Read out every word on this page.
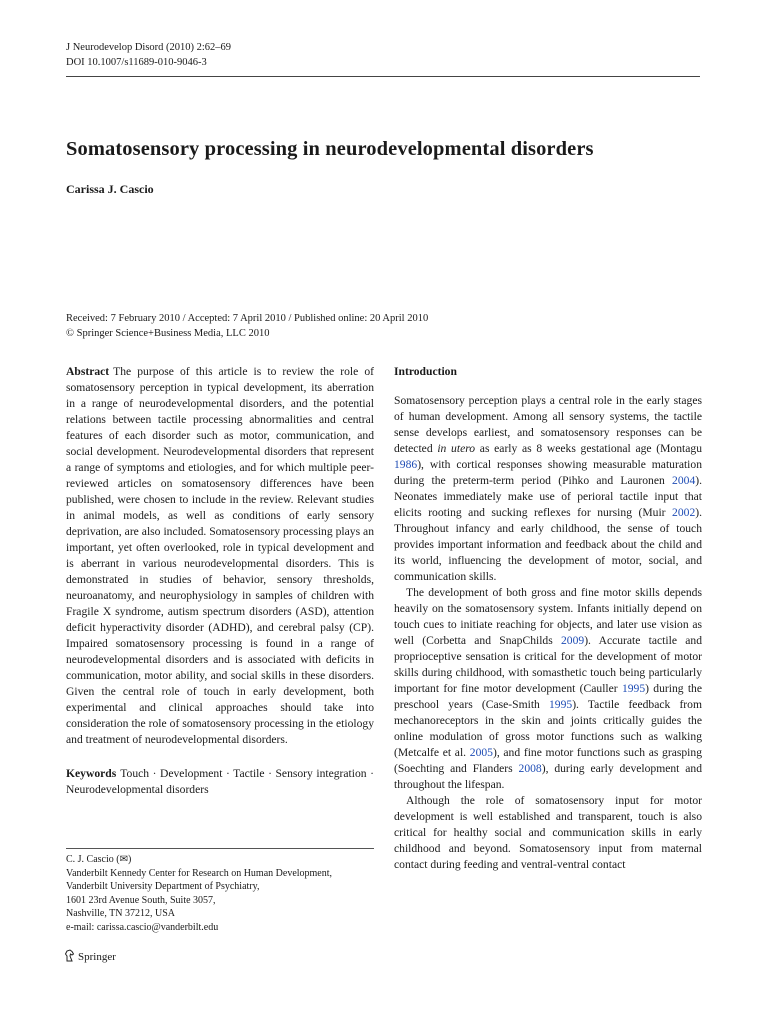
J Neurodevelop Disord (2010) 2:62–69
DOI 10.1007/s11689-010-9046-3
Somatosensory processing in neurodevelopmental disorders
Carissa J. Cascio
Received: 7 February 2010 / Accepted: 7 April 2010 / Published online: 20 April 2010
© Springer Science+Business Media, LLC 2010

Abstract The purpose of this article is to review the role of somatosensory perception in typical development, its aberration in a range of neurodevelopmental disorders, and the potential relations between tactile processing abnormalities and central features of each disorder such as motor, communication, and social development. Neurodevelopmental disorders that represent a range of symptoms and etiologies, and for which multiple peer-reviewed articles on somatosensory differences have been published, were chosen to include in the review. Relevant studies in animal models, as well as conditions of early sensory deprivation, are also included. Somatosensory processing plays an important, yet often overlooked, role in typical development and is aberrant in various neurodevelopmental disorders. This is demonstrated in studies of behavior, sensory thresholds, neuroanatomy, and neurophysiology in samples of children with Fragile X syndrome, autism spectrum disorders (ASD), attention deficit hyperactivity disorder (ADHD), and cerebral palsy (CP). Impaired somatosensory processing is found in a range of neurodevelopmental disorders and is associated with deficits in communication, motor ability, and social skills in these disorders. Given the central role of touch in early development, both experimental and clinical approaches should take into consideration the role of somatosensory processing in the etiology and treatment of neurodevelopmental disorders.

Keywords Touch · Development · Tactile · Sensory integration · Neurodevelopmental disorders

C. J. Cascio (✉)
Vanderbilt Kennedy Center for Research on Human Development,
Vanderbilt University Department of Psychiatry,
1601 23rd Avenue South, Suite 3057,
Nashville, TN 37212, USA
e-mail: carissa.cascio@vanderbilt.edu

Introduction

Somatosensory perception plays a central role in the early stages of human development. Among all sensory systems, the tactile sense develops earliest, and somatosensory responses can be detected in utero as early as 8 weeks gestational age (Montagu 1986), with cortical responses showing measurable maturation during the preterm-term period (Pihko and Lauronen 2004). Neonates immediately make use of perioral tactile input that elicits rooting and sucking reflexes for nursing (Muir 2002). Throughout infancy and early childhood, the sense of touch provides important information and feedback about the child and its world, influencing the development of motor, social, and communication skills.

The development of both gross and fine motor skills depends heavily on the somatosensory system. Infants initially depend on touch cues to initiate reaching for objects, and later use vision as well (Corbetta and SnapChilds 2009). Accurate tactile and proprioceptive sensation is critical for the development of motor skills during childhood, with somasthetic touch being particularly important for fine motor development (Cauller 1995) during the preschool years (Case-Smith 1995). Tactile feedback from mechanoreceptors in the skin and joints critically guides the online modulation of gross motor functions such as walking (Metcalfe et al. 2005), and fine motor functions such as grasping (Soechting and Flanders 2008), during early development and throughout the lifespan.

Although the role of somatosensory input for motor development is well established and transparent, touch is also critical for healthy social and communication skills in early childhood and beyond. Somatosensory input from maternal contact during feeding and ventral-ventral contact

Springer
